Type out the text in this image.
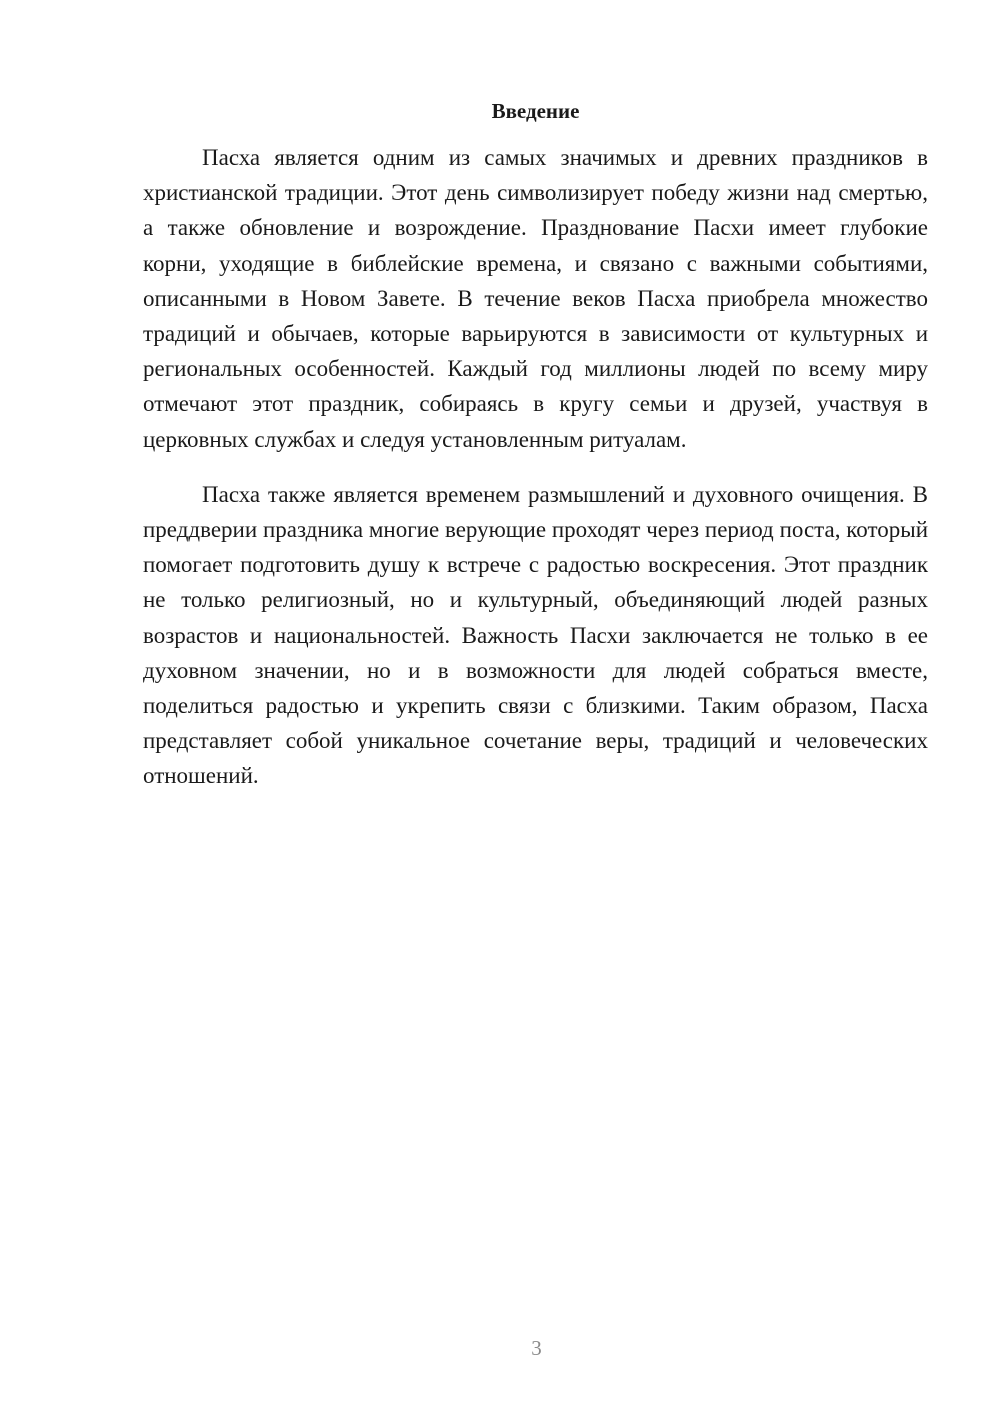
Введение

Пасха является одним из самых значимых и древних праздников в христианской традиции. Этот день символизирует победу жизни над смертью, а также обновление и возрождение. Празднование Пасхи имеет глубокие корни, уходящие в библейские времена, и связано с важными событиями, описанными в Новом Завете. В течение веков Пасха приобрела множество традиций и обычаев, которые варьируются в зависимости от культурных и региональных особенностей. Каждый год миллионы людей по всему миру отмечают этот праздник, собираясь в кругу семьи и друзей, участвуя в церковных службах и следуя установленным ритуалам.

Пасха также является временем размышлений и духовного очищения. В преддверии праздника многие верующие проходят через период поста, который помогает подготовить душу к встрече с радостью воскресения. Этот праздник не только религиозный, но и культурный, объединяющий людей разных возрастов и национальностей. Важность Пасхи заключается не только в ее духовном значении, но и в возможности для людей собраться вместе, поделиться радостью и укрепить связи с близкими. Таким образом, Пасха представляет собой уникальное сочетание веры, традиций и человеческих отношений.

3
